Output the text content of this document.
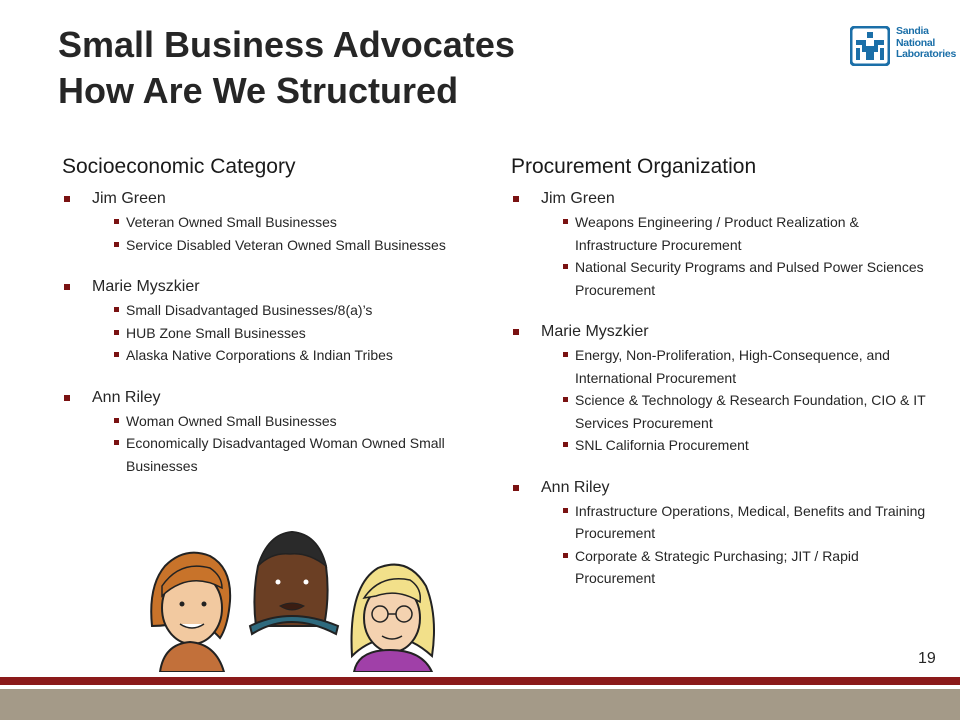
Small Business Advocates
How Are We Structured
Sandia
National
Laboratories
Socioeconomic Category
Jim Green
Veteran Owned Small Businesses
Service Disabled Veteran Owned Small Businesses
Marie Myszkier
Small Disadvantaged Businesses/8(a)’s
HUB Zone Small Businesses
Alaska Native Corporations & Indian Tribes
Ann Riley
Woman Owned Small Businesses
Economically Disadvantaged Woman Owned Small Businesses
Procurement Organization
Jim Green
Weapons Engineering / Product Realization & Infrastructure Procurement
National Security Programs and Pulsed Power Sciences Procurement
Marie Myszkier
Energy, Non-Proliferation, High-Consequence, and International Procurement
Science & Technology & Research Foundation, CIO & IT Services Procurement
SNL California Procurement
Ann Riley
Infrastructure Operations, Medical, Benefits and Training Procurement
Corporate & Strategic Purchasing; JIT / Rapid Procurement
19
